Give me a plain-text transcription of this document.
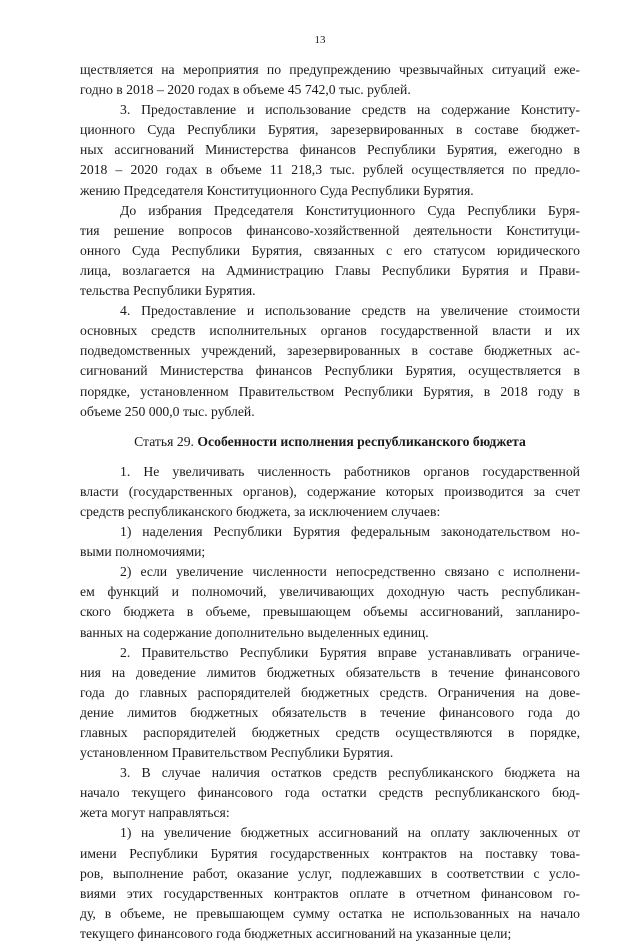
13
ществляется на мероприятия по предупреждению чрезвычайных ситуаций еже-
годно в 2018 – 2020 годах в объеме 45 742,0 тыс. рублей.
3. Предоставление и использование средств на содержание Конститу-
ционного Суда Республики Бурятия, зарезервированных в составе бюджет-
ных ассигнований Министерства финансов Республики Бурятия, ежегодно в
2018 – 2020 годах в объеме 11 218,3 тыс. рублей осуществляется по предло-
жению Председателя Конституционного Суда Республики Бурятия.
До избрания Председателя Конституционного Суда Республики Буря-
тия решение вопросов финансово-хозяйственной деятельности Конституци-
онного Суда Республики Бурятия, связанных с его статусом юридического
лица, возлагается на Администрацию Главы Республики Бурятия и Прави-
тельства Республики Бурятия.
4. Предоставление и использование средств на увеличение стоимости
основных средств исполнительных органов государственной власти и их
подведомственных учреждений, зарезервированных в составе бюджетных ас-
сигнований Министерства финансов Республики Бурятия, осуществляется в
порядке, установленном Правительством Республики Бурятия, в 2018 году в
объеме 250 000,0 тыс. рублей.

Статья 29. Особенности исполнения республиканского бюджета

1. Не увеличивать численность работников органов государственной
власти (государственных органов), содержание которых производится за счет
средств республиканского бюджета, за исключением случаев:
1) наделения Республики Бурятия федеральным законодательством но-
выми полномочиями;
2) если увеличение численности непосредственно связано с исполнени-
ем функций и полномочий, увеличивающих доходную часть республикан-
ского бюджета в объеме, превышающем объемы ассигнований, запланиро-
ванных на содержание дополнительно выделенных единиц.
2. Правительство Республики Бурятия вправе устанавливать ограниче-
ния на доведение лимитов бюджетных обязательств в течение финансового
года до главных распорядителей бюджетных средств. Ограничения на дове-
дение лимитов бюджетных обязательств в течение финансового года до
главных распорядителей бюджетных средств осуществляются в порядке,
установленном Правительством Республики Бурятия.
3. В случае наличия остатков средств республиканского бюджета на
начало текущего финансового года остатки средств республиканского бюд-
жета могут направляться:
1) на увеличение бюджетных ассигнований на оплату заключенных от
имени Республики Бурятия государственных контрактов на поставку това-
ров, выполнение работ, оказание услуг, подлежавших в соответствии с усло-
виями этих государственных контрактов оплате в отчетном финансовом го-
ду, в объеме, не превышающем сумму остатка не использованных на начало
текущего финансового года бюджетных ассигнований на указанные цели;
